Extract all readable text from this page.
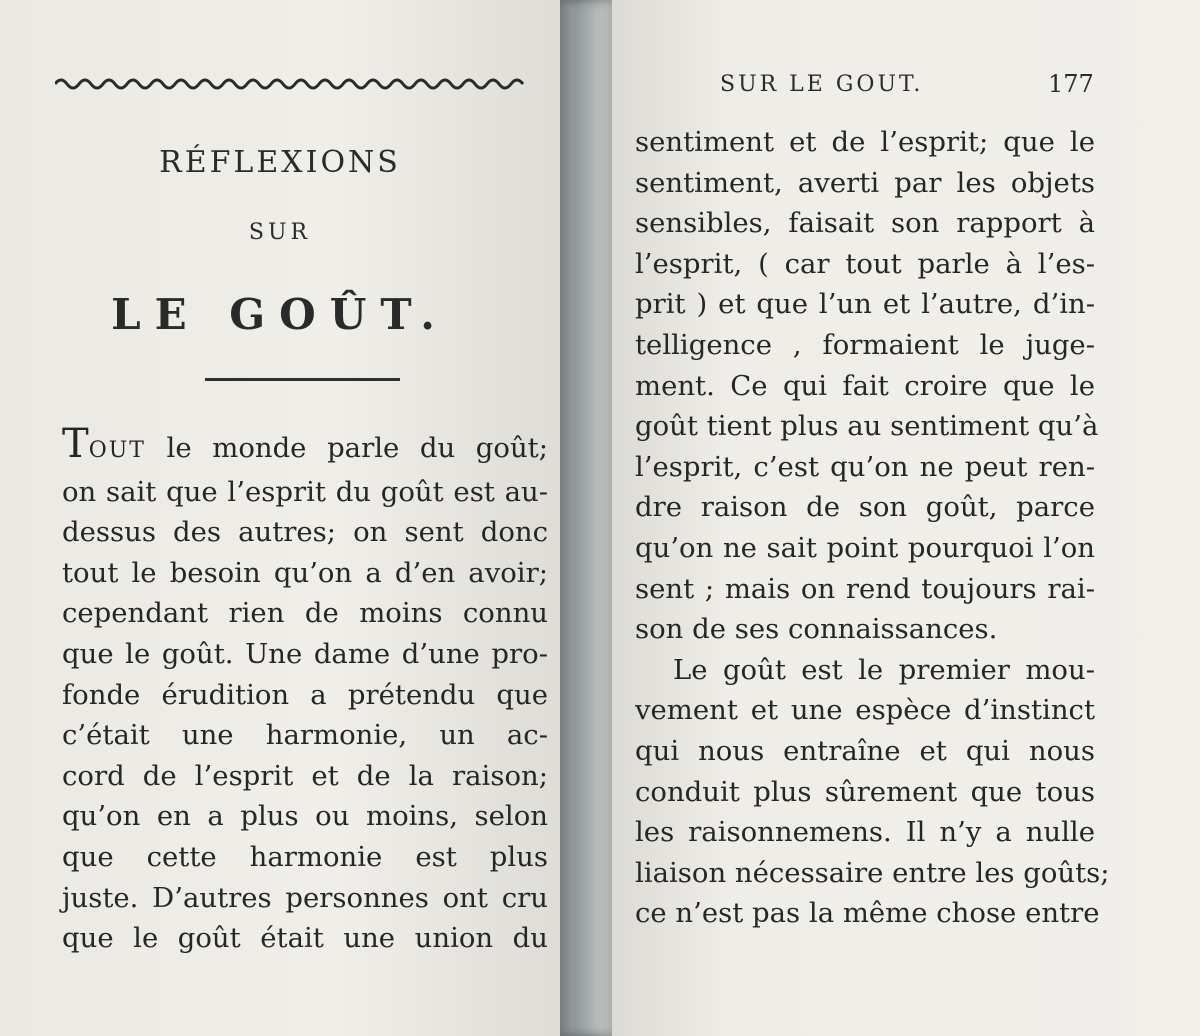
RÉFLEXIONS
SUR
LE GOÛT.
TOUT le monde parle du goût;
on sait que l’esprit du goût est au-
dessus des autres; on sent donc
tout le besoin qu’on a d’en avoir;
cependant rien de moins connu
que le goût. Une dame d’une pro-
fonde érudition a prétendu que
c’était une harmonie, un ac-
cord de l’esprit et de la raison;
qu’on en a plus ou moins, selon
que cette harmonie est plus
juste. D’autres personnes ont cru
que le goût était une union du
SUR LE GOUT.	177
sentiment et de l’esprit; que le
sentiment, averti par les objets
sensibles, faisait son rapport à
l’esprit, ( car tout parle à l’es-
prit ) et que l’un et l’autre, d’in-
telligence , formaient le juge-
ment. Ce qui fait croire que le
goût tient plus au sentiment qu’à
l’esprit, c’est qu’on ne peut ren-
dre raison de son goût, parce
qu’on ne sait point pourquoi l’on
sent ; mais on rend toujours rai-
son de ses connaissances.
Le goût est le premier mou-
vement et une espèce d’instinct
qui nous entraîne et qui nous
conduit plus sûrement que tous
les raisonnemens. Il n’y a nulle
liaison nécessaire entre les goûts;
ce n’est pas la même chose entre
